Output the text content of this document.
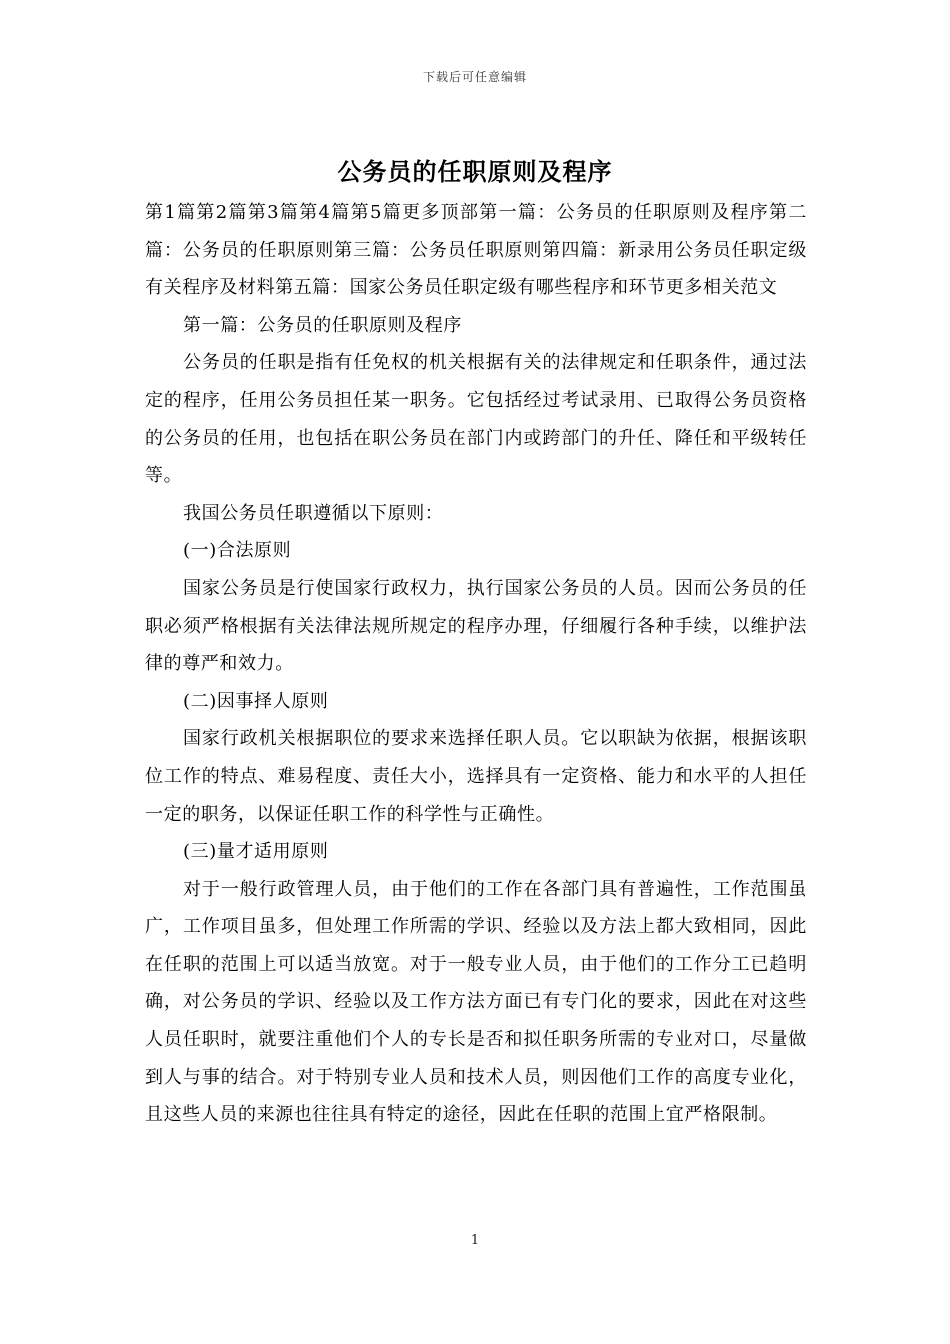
下载后可任意编辑
公务员的任职原则及程序

第1篇第2篇第3篇第4篇第5篇更多顶部第一篇：公务员的任职原则及程序第二篇：公务员的任职原则第三篇：公务员任职原则第四篇：新录用公务员任职定级有关程序及材料第五篇：国家公务员任职定级有哪些程序和环节更多相关范文

第一篇：公务员的任职原则及程序

公务员的任职是指有任免权的机关根据有关的法律规定和任职条件，通过法定的程序，任用公务员担任某一职务。它包括经过考试录用、已取得公务员资格的公务员的任用，也包括在职公务员在部门内或跨部门的升任、降任和平级转任等。

我国公务员任职遵循以下原则：

(一)合法原则

国家公务员是行使国家行政权力，执行国家公务员的人员。因而公务员的任职必须严格根据有关法律法规所规定的程序办理，仔细履行各种手续，以维护法律的尊严和效力。

(二)因事择人原则

国家行政机关根据职位的要求来选择任职人员。它以职缺为依据，根据该职位工作的特点、难易程度、责任大小，选择具有一定资格、能力和水平的人担任一定的职务，以保证任职工作的科学性与正确性。

(三)量才适用原则

对于一般行政管理人员，由于他们的工作在各部门具有普遍性，工作范围虽广，工作项目虽多，但处理工作所需的学识、经验以及方法上都大致相同，因此在任职的范围上可以适当放宽。对于一般专业人员，由于他们的工作分工已趋明确，对公务员的学识、经验以及工作方法方面已有专门化的要求，因此在对这些人员任职时，就要注重他们个人的专长是否和拟任职务所需的专业对口，尽量做到人与事的结合。对于特别专业人员和技术人员，则因他们工作的高度专业化，且这些人员的来源也往往具有特定的途径，因此在任职的范围上宜严格限制。

1
